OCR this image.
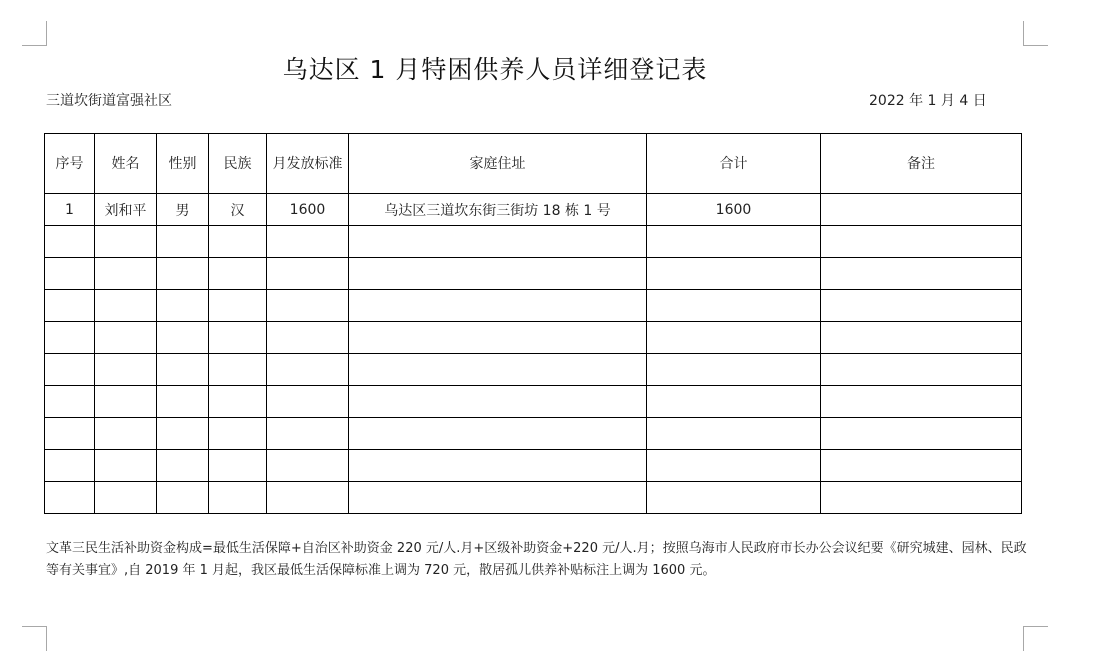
乌达区 1 月特困供养人员详细登记表
三道坎街道富强社区	2022 年 1 月 4 日
序号	姓名	性别	民族	月发放标准	家庭住址	合计	备注
1	刘和平	男	汉	1600	乌达区三道坎东街三街坊 18 栋 1 号	1600	

文革三民生活补助资金构成=最低生活保障+自治区补助资金 220 元/人.月+区级补助资金+220 元/人.月；按照乌海市人民政府市长办公会议纪要《研究城建、园林、民政等有关事宜》,自 2019 年 1 月起，我区最低生活保障标准上调为 720 元，散居孤儿供养补贴标注上调为 1600 元。
